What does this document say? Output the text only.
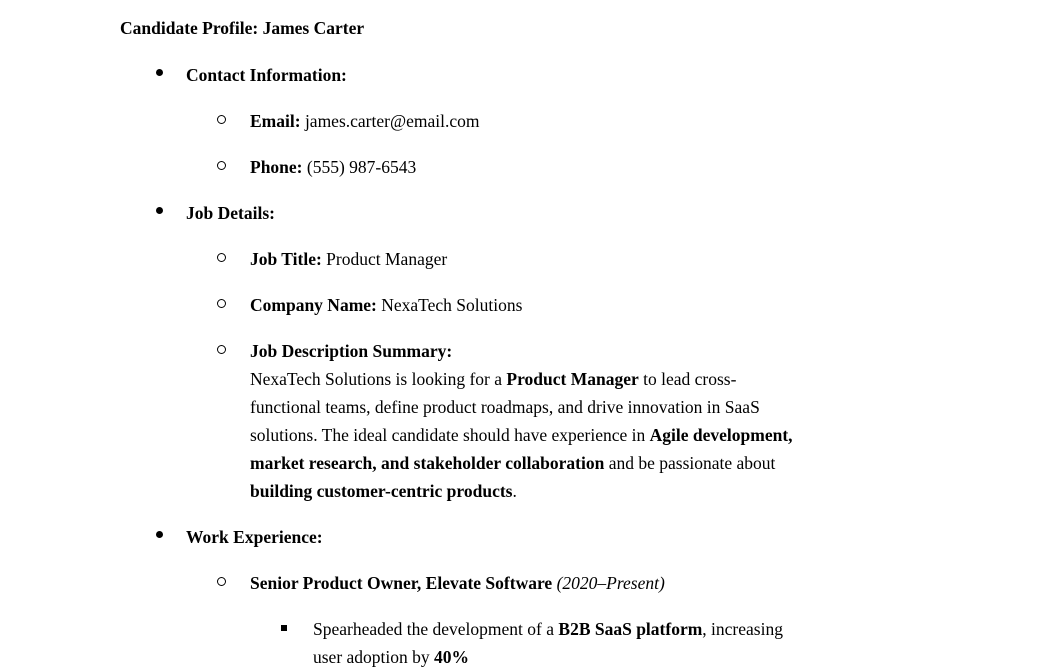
Candidate Profile: James Carter
Contact Information:
Email: james.carter@email.com
Phone: (555) 987-6543
Job Details:
Job Title: Product Manager
Company Name: NexaTech Solutions
Job Description Summary:
NexaTech Solutions is looking for a Product Manager to lead cross-
functional teams, define product roadmaps, and drive innovation in SaaS
solutions. The ideal candidate should have experience in Agile development,
market research, and stakeholder collaboration and be passionate about
building customer-centric products.
Work Experience:
Senior Product Owner, Elevate Software (2020–Present)
Spearheaded the development of a B2B SaaS platform, increasing
user adoption by 40%
